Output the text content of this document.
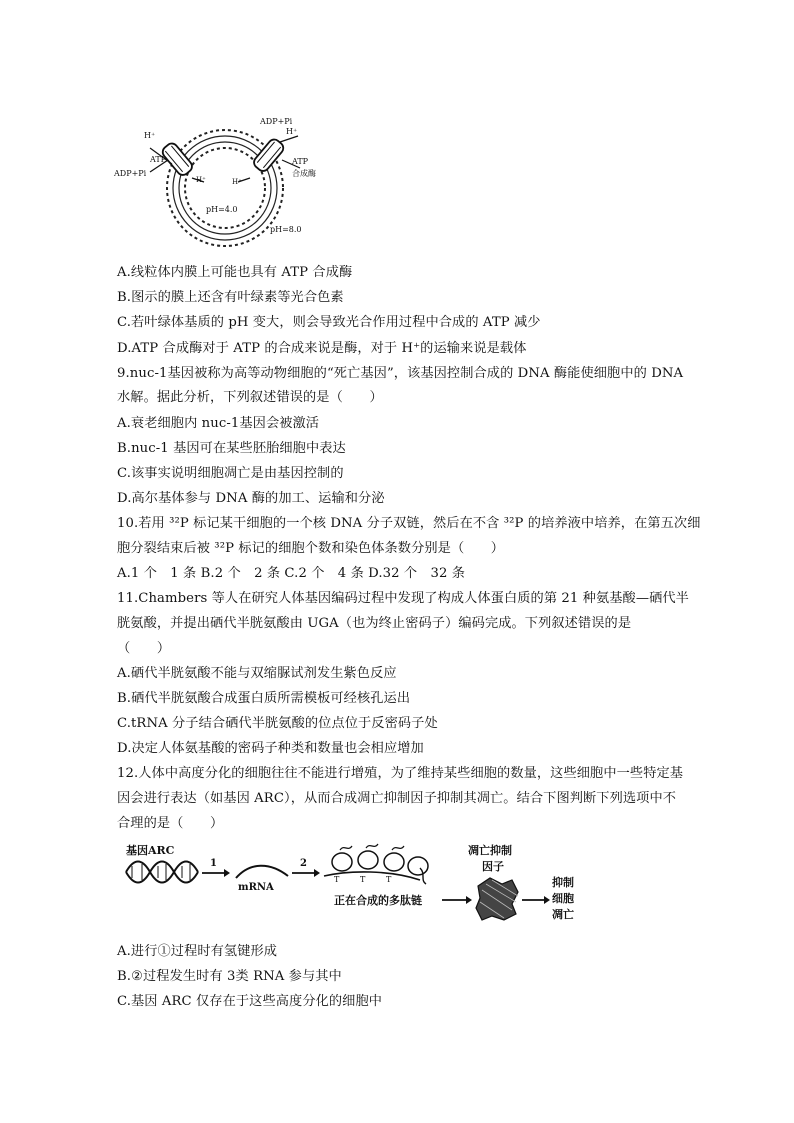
H⁺
ADP+Pi
ATP
ADP+Pi
H⁺
ATP
合成酶
H⁺	H⁺
pH=4.0
pH=8.0
A.线粒体内膜上可能也具有 ATP 合成酶
B.图示的膜上还含有叶绿素等光合色素
C.若叶绿体基质的 pH 变大，则会导致光合作用过程中合成的 ATP 减少
D.ATP 合成酶对于 ATP 的合成来说是酶，对于 H⁺的运输来说是载体
9.nuc-1基因被称为高等动物细胞的“死亡基因”，该基因控制合成的 DNA 酶能使细胞中的 DNA
水解。据此分析，下列叙述错误的是（　　）
A.衰老细胞内 nuc-1基因会被激活
B.nuc-1 基因可在某些胚胎细胞中表达
C.该事实说明细胞凋亡是由基因控制的
D.高尔基体参与 DNA 酶的加工、运输和分泌
10.若用 ³²P 标记某干细胞的一个核 DNA 分子双链，然后在不含 ³²P 的培养液中培养，在第五次细
胞分裂结束后被 ³²P 标记的细胞个数和染色体条数分别是（　　）
A.1 个　1 条 B.2 个　2 条 C.2 个　4 条 D.32 个　32 条
11.Chambers 等人在研究人体基因编码过程中发现了构成人体蛋白质的第 21 种氨基酸—硒代半
胱氨酸，并提出硒代半胱氨酸由 UGA（也为终止密码子）编码完成。下列叙述错误的是
（　　）
A.硒代半胱氨酸不能与双缩脲试剂发生紫色反应
B.硒代半胱氨酸合成蛋白质所需模板可经核孔运出
C.tRNA 分子结合硒代半胱氨酸的位点位于反密码子处
D.决定人体氨基酸的密码子种类和数量也会相应增加
12.人体中高度分化的细胞往往不能进行增殖，为了维持某些细胞的数量，这些细胞中一些特定基
因会进行表达（如基因 ARC），从而合成凋亡抑制因子抑制其凋亡。结合下图判断下列选项中不
合理的是（　　）
基因ARC
1
mRNA
2
T	T	T
正在合成的多肽链
凋亡抑制
因子
抑制
细胞
凋亡
A.进行①过程时有氢键形成
B.②过程发生时有 3类 RNA 参与其中
C.基因 ARC 仅存在于这些高度分化的细胞中
